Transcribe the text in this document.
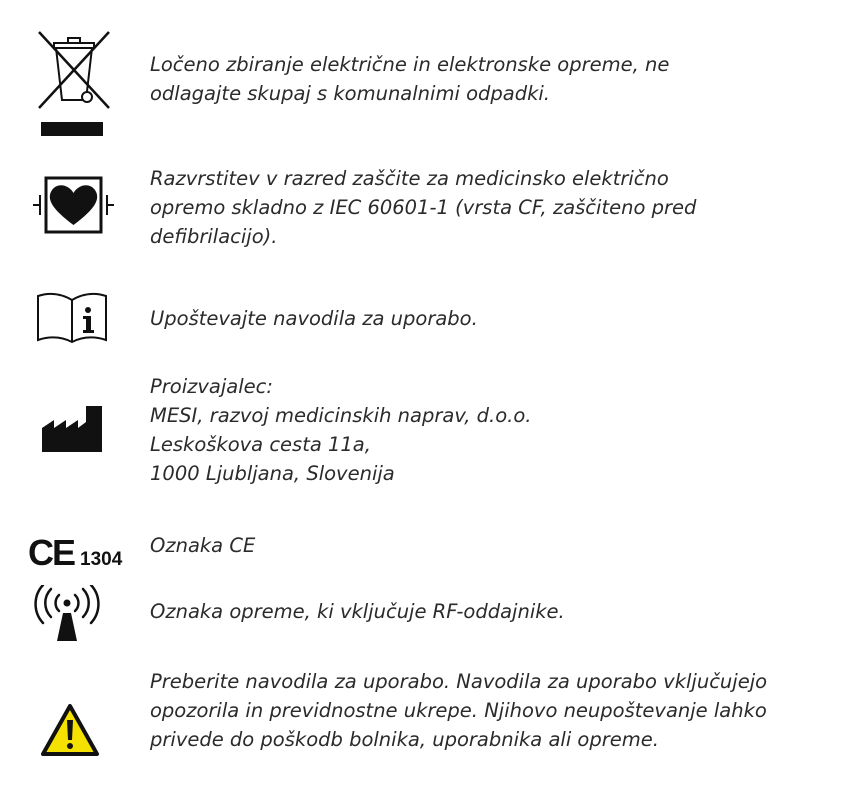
Ločeno zbiranje električne in elektronske opreme, ne
odlagajte skupaj s komunalnimi odpadki.
Razvrstitev v razred zaščite za medicinsko električno
opremo skladno z IEC 60601-1 (vrsta CF, zaščiteno pred
defibrilacijo).
Upoštevajte navodila za uporabo.
Proizvajalec:
MESI, razvoj medicinskih naprav, d.o.o.
Leskoškova cesta 11a,
1000 Ljubljana, Slovenija
CE 1304
Oznaka CE
Oznaka opreme, ki vključuje RF-oddajnike.
Preberite navodila za uporabo. Navodila za uporabo vključujejo
opozorila in previdnostne ukrepe. Njihovo neupoštevanje lahko
privede do poškodb bolnika, uporabnika ali opreme.
